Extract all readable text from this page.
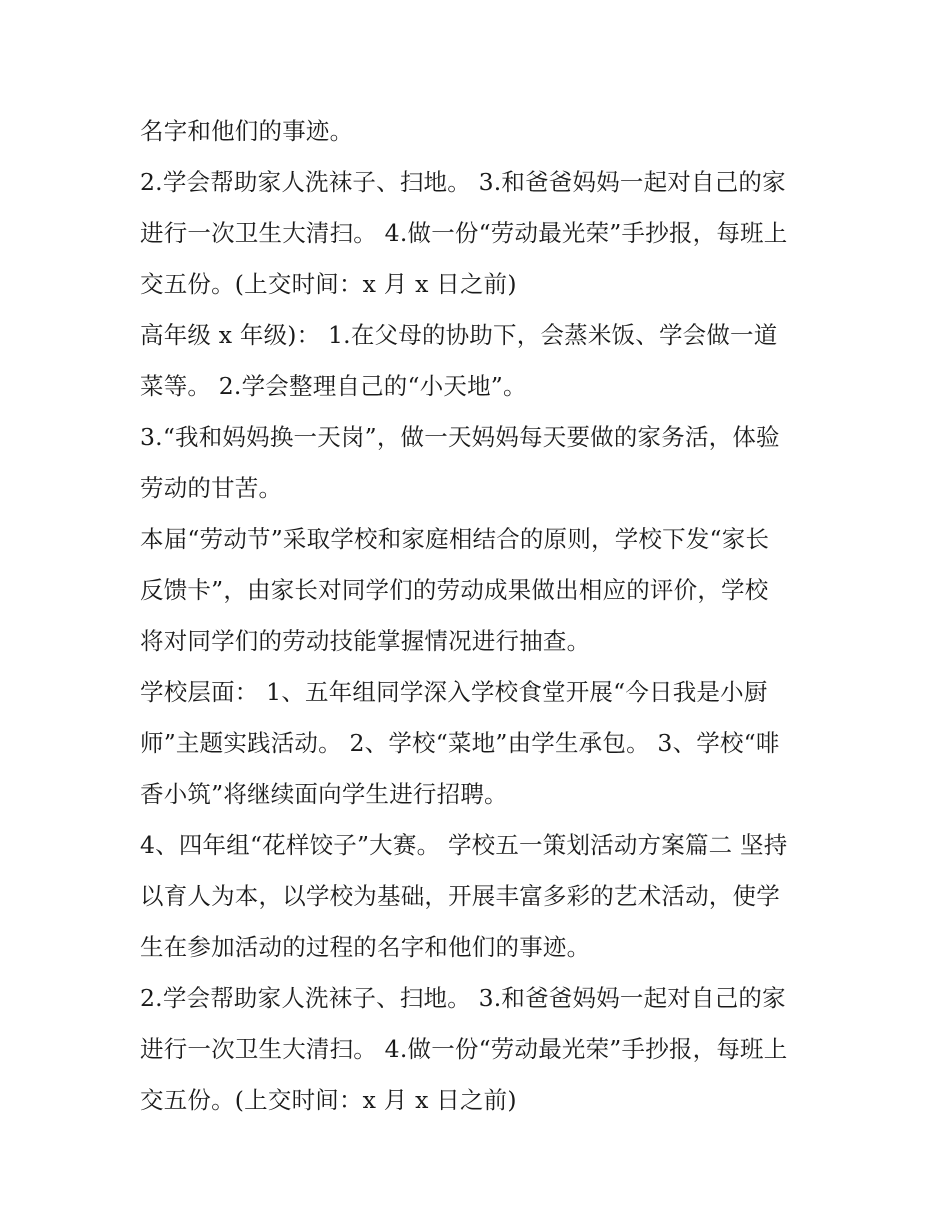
名字和他们的事迹。

2.学会帮助家人洗袜子、扫地。 3.和爸爸妈妈一起对自己的家

进行一次卫生大清扫。 4.做一份“劳动最光荣”手抄报，每班上

交五份。(上交时间：x 月 x 日之前)

高年级 x 年级)： 1.在父母的协助下，会蒸米饭、学会做一道

菜等。 2.学会整理自己的“小天地”。

3.“我和妈妈换一天岗”，做一天妈妈每天要做的家务活，体验

劳动的甘苦。

本届“劳动节”采取学校和家庭相结合的原则，学校下发“家长

反馈卡”，由家长对同学们的劳动成果做出相应的评价，学校

将对同学们的劳动技能掌握情况进行抽查。

学校层面： 1、五年组同学深入学校食堂开展“今日我是小厨

师”主题实践活动。 2、学校“菜地”由学生承包。 3、学校“啡

香小筑”将继续面向学生进行招聘。

4、四年组“花样饺子”大赛。 学校五一策划活动方案篇二 坚持

以育人为本，以学校为基础，开展丰富多彩的艺术活动，使学

生在参加活动的过程的名字和他们的事迹。

2.学会帮助家人洗袜子、扫地。 3.和爸爸妈妈一起对自己的家

进行一次卫生大清扫。 4.做一份“劳动最光荣”手抄报，每班上

交五份。(上交时间：x 月 x 日之前)
